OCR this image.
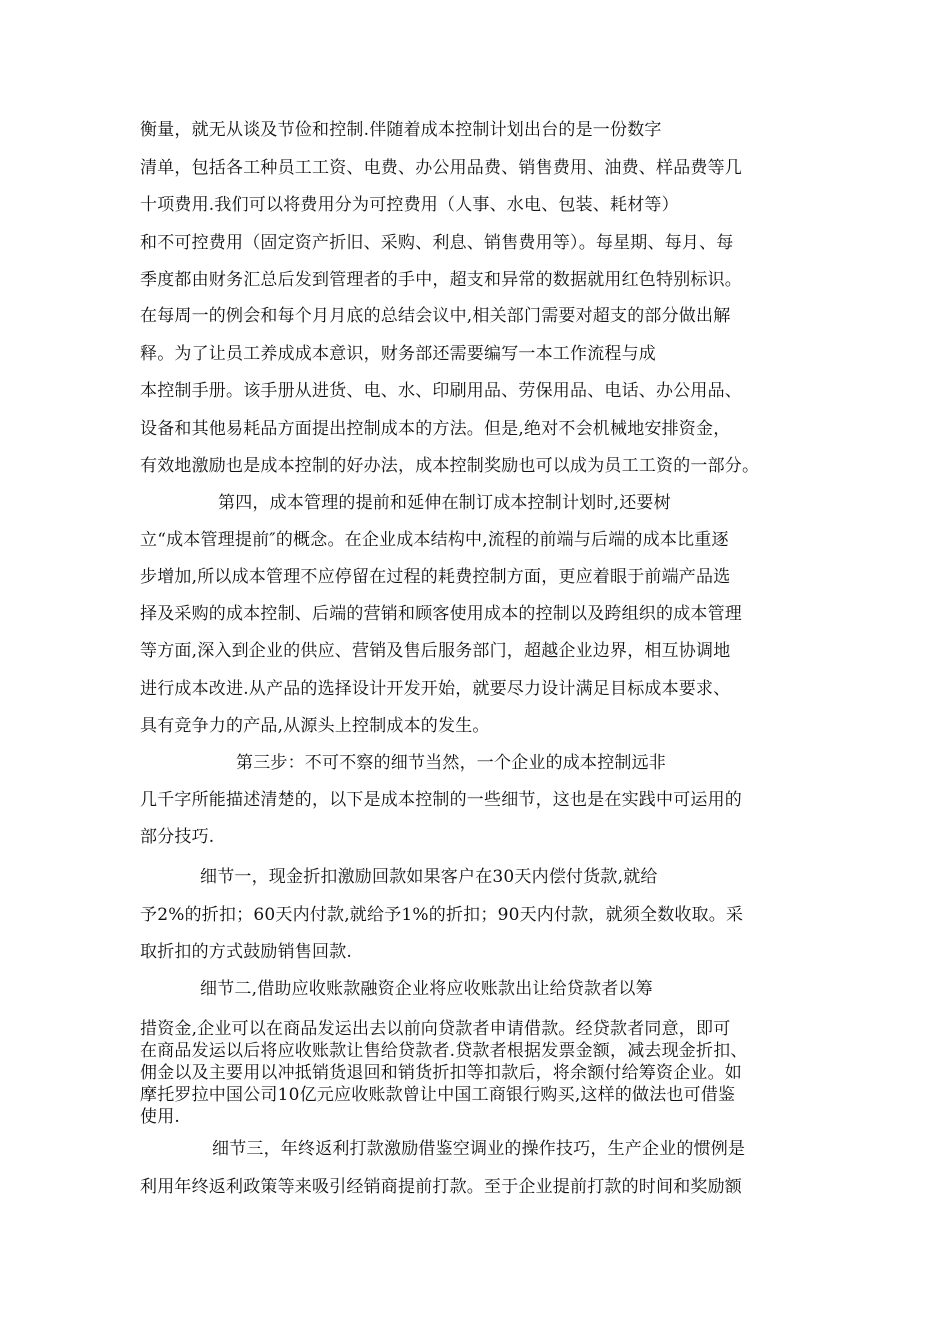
衡量，就无从谈及节俭和控制.伴随着成本控制计划出台的是一份数字

清单，包括各工种员工工资、电费、办公用品费、销售费用、油费、样品费等几

十项费用.我们可以将费用分为可控费用（人事、水电、包装、耗材等）

和不可控费用（固定资产折旧、采购、利息、销售费用等）。每星期、每月、每

季度都由财务汇总后发到管理者的手中，超支和异常的数据就用红色特别标识。

在每周一的例会和每个月月底的总结会议中,相关部门需要对超支的部分做出解

释。为了让员工养成成本意识，财务部还需要编写一本工作流程与成

本控制手册。该手册从进货、电、水、印刷用品、劳保用品、电话、办公用品、

设备和其他易耗品方面提出控制成本的方法。但是,绝对不会机械地安排资金，

有效地激励也是成本控制的好办法，成本控制奖励也可以成为员工工资的一部分。

第四，成本管理的提前和延伸在制订成本控制计划时,还要树

立“成本管理提前″的概念。在企业成本结构中,流程的前端与后端的成本比重逐

步增加,所以成本管理不应停留在过程的耗费控制方面，更应着眼于前端产品选

择及采购的成本控制、后端的营销和顾客使用成本的控制以及跨组织的成本管理

等方面,深入到企业的供应、营销及售后服务部门，超越企业边界，相互协调地

进行成本改进.从产品的选择设计开发开始，就要尽力设计满足目标成本要求、

具有竞争力的产品,从源头上控制成本的发生。

第三步：不可不察的细节当然，一个企业的成本控制远非

几千字所能描述清楚的，以下是成本控制的一些细节，这也是在实践中可运用的

部分技巧.

细节一，现金折扣激励回款如果客户在30天内偿付货款,就给

予2%的折扣；60天内付款,就给予1%的折扣；90天内付款，就须全数收取。采

取折扣的方式鼓励销售回款.

细节二,借助应收账款融资企业将应收账款出让给贷款者以筹

措资金,企业可以在商品发运出去以前向贷款者申请借款。经贷款者同意，即可

在商品发运以后将应收账款让售给贷款者.贷款者根据发票金额，减去现金折扣、

佣金以及主要用以冲抵销货退回和销货折扣等扣款后，将余额付给筹资企业。如

摩托罗拉中国公司10亿元应收账款曾让中国工商银行购买,这样的做法也可借鉴

使用.

细节三，年终返利打款激励借鉴空调业的操作技巧，生产企业的惯例是

利用年终返利政策等来吸引经销商提前打款。至于企业提前打款的时间和奖励额
